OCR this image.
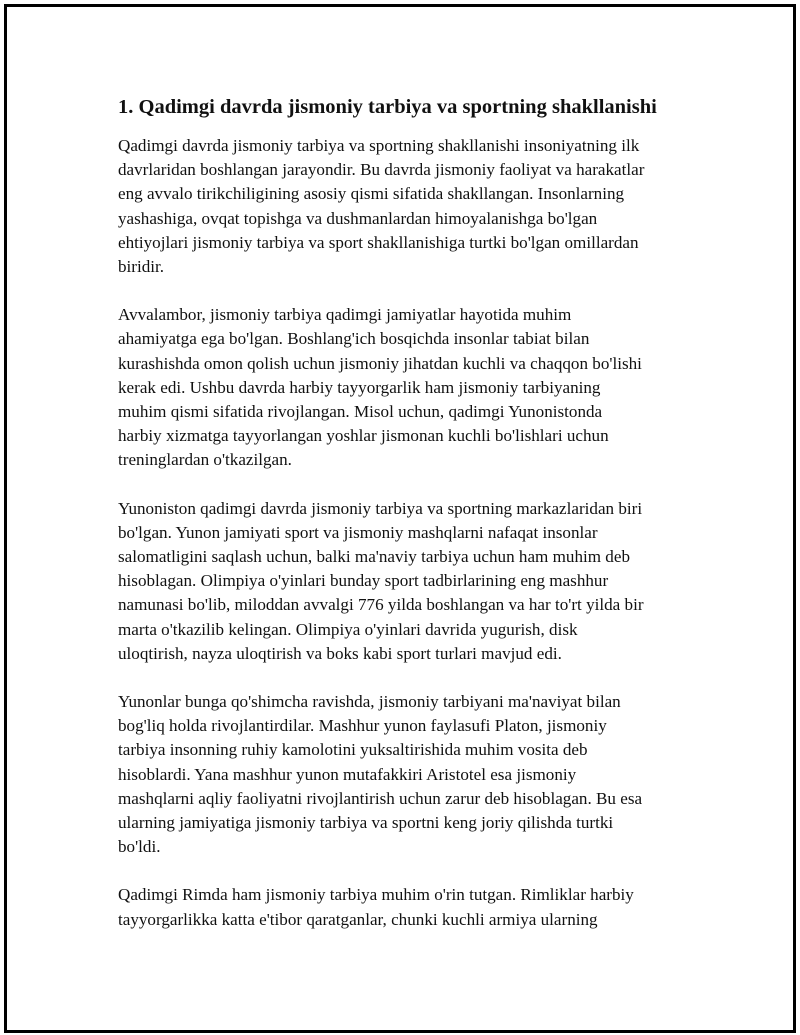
1. Qadimgi davrda jismoniy tarbiya va sportning shakllanishi

Qadimgi davrda jismoniy tarbiya va sportning shakllanishi insoniyatning ilk
davrlaridan boshlangan jarayondir. Bu davrda jismoniy faoliyat va harakatlar
eng avvalo tirikchiligining asosiy qismi sifatida shakllangan. Insonlarning
yashashiga, ovqat topishga va dushmanlardan himoyalanishga bo'lgan
ehtiyojlari jismoniy tarbiya va sport shakllanishiga turtki bo'lgan omillardan
biridir.

Avvalambor, jismoniy tarbiya qadimgi jamiyatlar hayotida muhim
ahamiyatga ega bo'lgan. Boshlang'ich bosqichda insonlar tabiat bilan
kurashishda omon qolish uchun jismoniy jihatdan kuchli va chaqqon bo'lishi
kerak edi. Ushbu davrda harbiy tayyorgarlik ham jismoniy tarbiyaning
muhim qismi sifatida rivojlangan. Misol uchun, qadimgi Yunonistonda
harbiy xizmatga tayyorlangan yoshlar jismonan kuchli bo'lishlari uchun
treninglardan o'tkazilgan.

Yunoniston qadimgi davrda jismoniy tarbiya va sportning markazlaridan biri
bo'lgan. Yunon jamiyati sport va jismoniy mashqlarni nafaqat insonlar
salomatligini saqlash uchun, balki ma'naviy tarbiya uchun ham muhim deb
hisoblagan. Olimpiya o'yinlari bunday sport tadbirlarining eng mashhur
namunasi bo'lib, miloddan avvalgi 776 yilda boshlangan va har to'rt yilda bir
marta o'tkazilib kelingan. Olimpiya o'yinlari davrida yugurish, disk
uloqtirish, nayza uloqtirish va boks kabi sport turlari mavjud edi.

Yunonlar bunga qo'shimcha ravishda, jismoniy tarbiyani ma'naviyat bilan
bog'liq holda rivojlantirdilar. Mashhur yunon faylasufi Platon, jismoniy
tarbiya insonning ruhiy kamolotini yuksaltirishida muhim vosita deb
hisoblardi. Yana mashhur yunon mutafakkiri Aristotel esa jismoniy
mashqlarni aqliy faoliyatni rivojlantirish uchun zarur deb hisoblagan. Bu esa
ularning jamiyatiga jismoniy tarbiya va sportni keng joriy qilishda turtki
bo'ldi.

Qadimgi Rimda ham jismoniy tarbiya muhim o'rin tutgan. Rimliklar harbiy
tayyorgarlikka katta e'tibor qaratganlar, chunki kuchli armiya ularning
